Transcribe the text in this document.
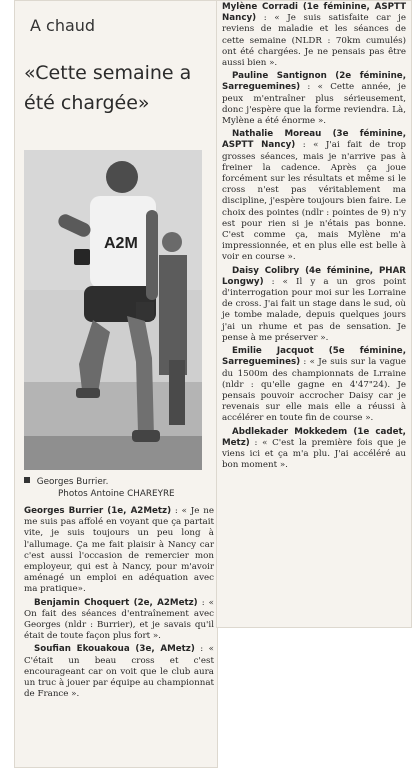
A chaud
«Cette semaine a été chargée»
A2M
Georges Burrier.
Photos Antoine CHAREYRE

Georges Burrier (1e, A2Metz) : « Je ne me suis pas affolé en voyant que ça partait vite, je suis toujours un peu long à l'allumage. Ça me fait plaisir à Nancy car c'est aussi l'occasion de remercier mon employeur, qui est à Nancy, pour m'avoir aménagé un emploi en adéquation avec ma pratique».

Benjamin Choquert (2e, A2Metz) : « On fait des séances d'entraînement avec Georges (nldr : Burrier), et je savais qu'il était de toute façon plus fort ».

Soufian Ekouakoua (3e, AMetz) : « C'était un beau cross et c'est encourageant car on voit que le club aura un truc à jouer par équipe au championnat de France ».

Mylène Corradi (1e féminine, ASPTT Nancy) : « Je suis satisfaite car je reviens de maladie et les séances de cette semaine (NLDR : 70km cumulés) ont été chargées. Je ne pensais pas être aussi bien ».

Pauline Santignon (2e féminine, Sarreguemines) : « Cette année, je peux m'entraîner plus sérieusement, donc j'espère que la forme reviendra. Là, Mylène a été énorme ».

Nathalie Moreau (3e féminine, ASPTT Nancy) : « J'ai fait de trop grosses séances, mais je n'arrive pas à freiner la cadence. Après ça joue forcément sur les résultats et même si le cross n'est pas véritablement ma discipline, j'espère toujours bien faire. Le choix des pointes (ndlr : pointes de 9) n'y est pour rien si je n'étais pas bonne. C'est comme ça, mais Mylène m'a impressionnée, et en plus elle est belle à voir en course ».

Daisy Colibry (4e féminine, PHAR Longwy) : « Il y a un gros point d'interrogation pour moi sur les Lorraine de cross. J'ai fait un stage dans le sud, où je tombe malade, depuis quelques jours j'ai un rhume et pas de sensation. Je pense à me préserver ».

Emilie Jacquot (5e féminine, Sarreguemines) : « Je suis sur la vague du 1500m des championnats de Lrraine (nldr : qu'elle gagne en 4'47"24). Je pensais pouvoir accrocher Daisy car je revenais sur elle mais elle a réussi à accélérer en toute fin de course ».

Abdlekader Mokkedem (1e cadet, Metz) : « C'est la première fois que je viens ici et ça m'a plu. J'ai accéléré au bon moment ».
